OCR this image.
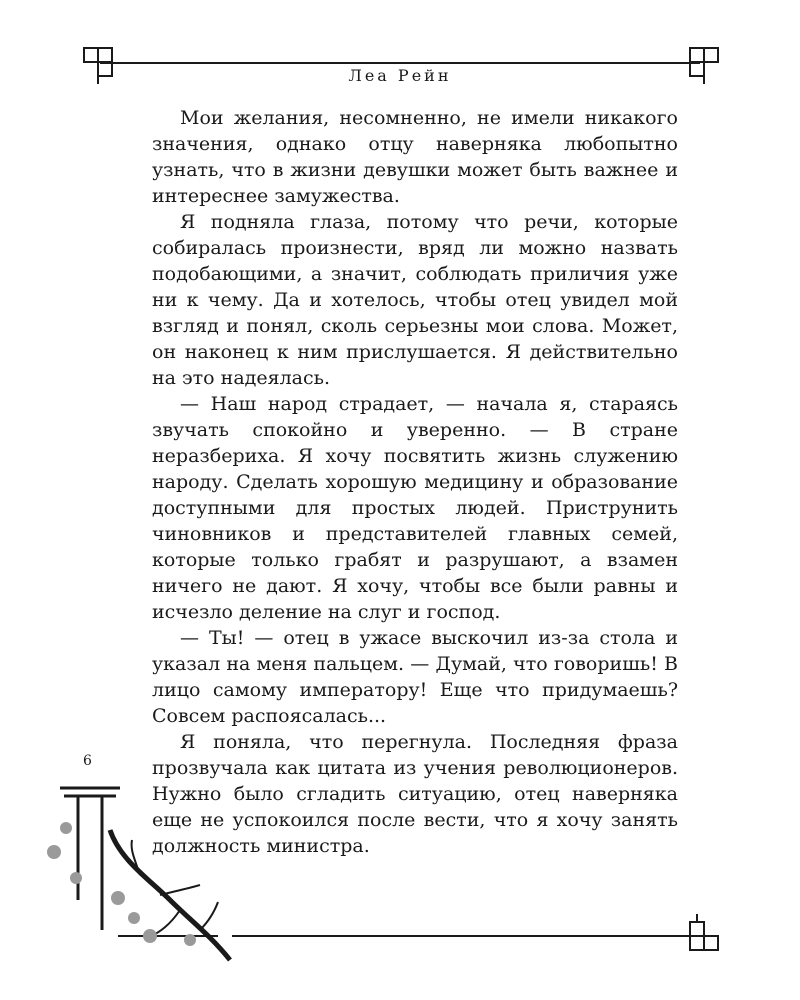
Леа Рейн

Мои желания, несомненно, не имели никакого значения, однако отцу наверняка любопытно узнать, что в жизни девушки может быть важнее и интереснее замужества.

Я подняла глаза, потому что речи, которые собиралась произнести, вряд ли можно назвать подобающими, а значит, соблюдать приличия уже ни к чему. Да и хотелось, чтобы отец увидел мой взгляд и понял, сколь серьезны мои слова. Может, он наконец к ним прислушается. Я действительно на это надеялась.

— Наш народ страдает, — начала я, стараясь звучать спокойно и уверенно. — В стране неразбериха. Я хочу посвятить жизнь служению народу. Сделать хорошую медицину и образование доступными для простых людей. Приструнить чиновников и представителей главных семей, которые только грабят и разрушают, а взамен ничего не дают. Я хочу, чтобы все были равны и исчезло деление на слуг и господ.

— Ты! — отец в ужасе выскочил из-за стола и указал на меня пальцем. — Думай, что говоришь! В лицо самому императору! Еще что придумаешь? Совсем распоясалась...

Я поняла, что перегнула. Последняя фраза прозвучала как цитата из учения революционеров. Нужно было сгладить ситуацию, отец наверняка еще не успокоился после вести, что я хочу занять должность министра.

6
